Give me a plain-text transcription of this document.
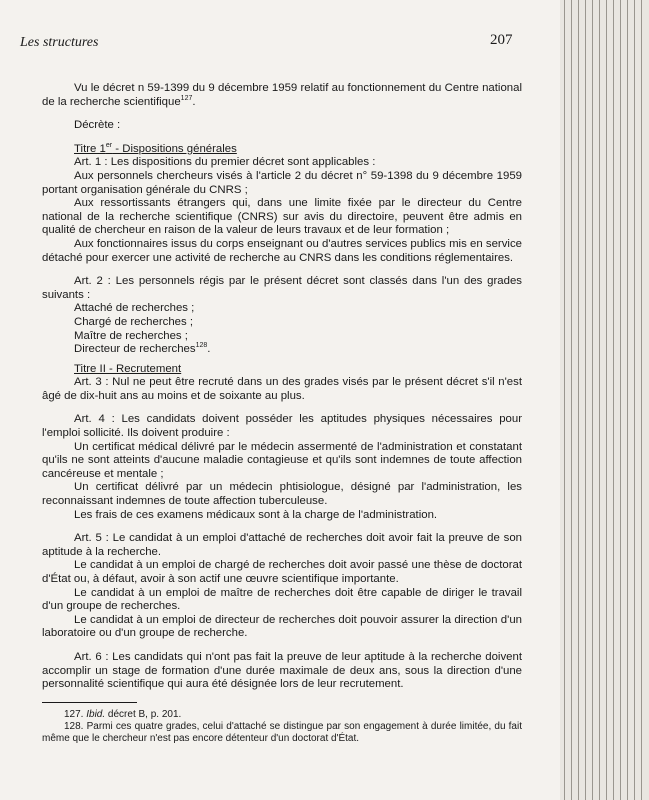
Les structures	207

Vu le décret n 59-1399 du 9 décembre 1959 relatif au fonctionnement du Centre national de la recherche scientifique$^{127}$.

Décrète :

Titre 1er - Dispositions générales

Art. 1 : Les dispositions du premier décret sont applicables :

Aux personnels chercheurs visés à l'article 2 du décret n° 59-1398 du 9 décembre 1959 portant organisation générale du CNRS ;

Aux ressortissants étrangers qui, dans une limite fixée par le directeur du Centre national de la recherche scientifique (CNRS) sur avis du directoire, peuvent être admis en qualité de chercheur en raison de la valeur de leurs travaux et de leur formation ;

Aux fonctionnaires issus du corps enseignant ou d'autres services publics mis en service détaché pour exercer une activité de recherche au CNRS dans les conditions réglementaires.

Art. 2 : Les personnels régis par le présent décret sont classés dans l'un des grades suivants :

Attaché de recherches ;
Chargé de recherches ;
Maître de recherches ;
Directeur de recherches$^{128}$.

Titre II - Recrutement

Art. 3 : Nul ne peut être recruté dans un des grades visés par le présent décret s'il n'est âgé de dix-huit ans au moins et de soixante au plus.

Art. 4 : Les candidats doivent posséder les aptitudes physiques nécessaires pour l'emploi sollicité. Ils doivent produire :

Un certificat médical délivré par le médecin assermenté de l'administration et constatant qu'ils ne sont atteints d'aucune maladie contagieuse et qu'ils sont indemnes de toute affection cancéreuse et mentale ;

Un certificat délivré par un médecin phtisiologue, désigné par l'administration, les reconnaissant indemnes de toute affection tuberculeuse.

Les frais de ces examens médicaux sont à la charge de l'administration.

Art. 5 : Le candidat à un emploi d'attaché de recherches doit avoir fait la preuve de son aptitude à la recherche.

Le candidat à un emploi de chargé de recherches doit avoir passé une thèse de doctorat d'État ou, à défaut, avoir à son actif une œuvre scientifique importante.

Le candidat à un emploi de maître de recherches doit être capable de diriger le travail d'un groupe de recherches.

Le candidat à un emploi de directeur de recherches doit pouvoir assurer la direction d'un laboratoire ou d'un groupe de recherche.

Art. 6 : Les candidats qui n'ont pas fait la preuve de leur aptitude à la recherche doivent accomplir un stage de formation d'une durée maximale de deux ans, sous la direction d'une personnalité scientifique qui aura été désignée lors de leur recrutement.

127. Ibid. décret B, p. 201.

128. Parmi ces quatre grades, celui d'attaché se distingue par son engagement à durée limitée, du fait même que le chercheur n'est pas encore détenteur d'un doctorat d'État.
